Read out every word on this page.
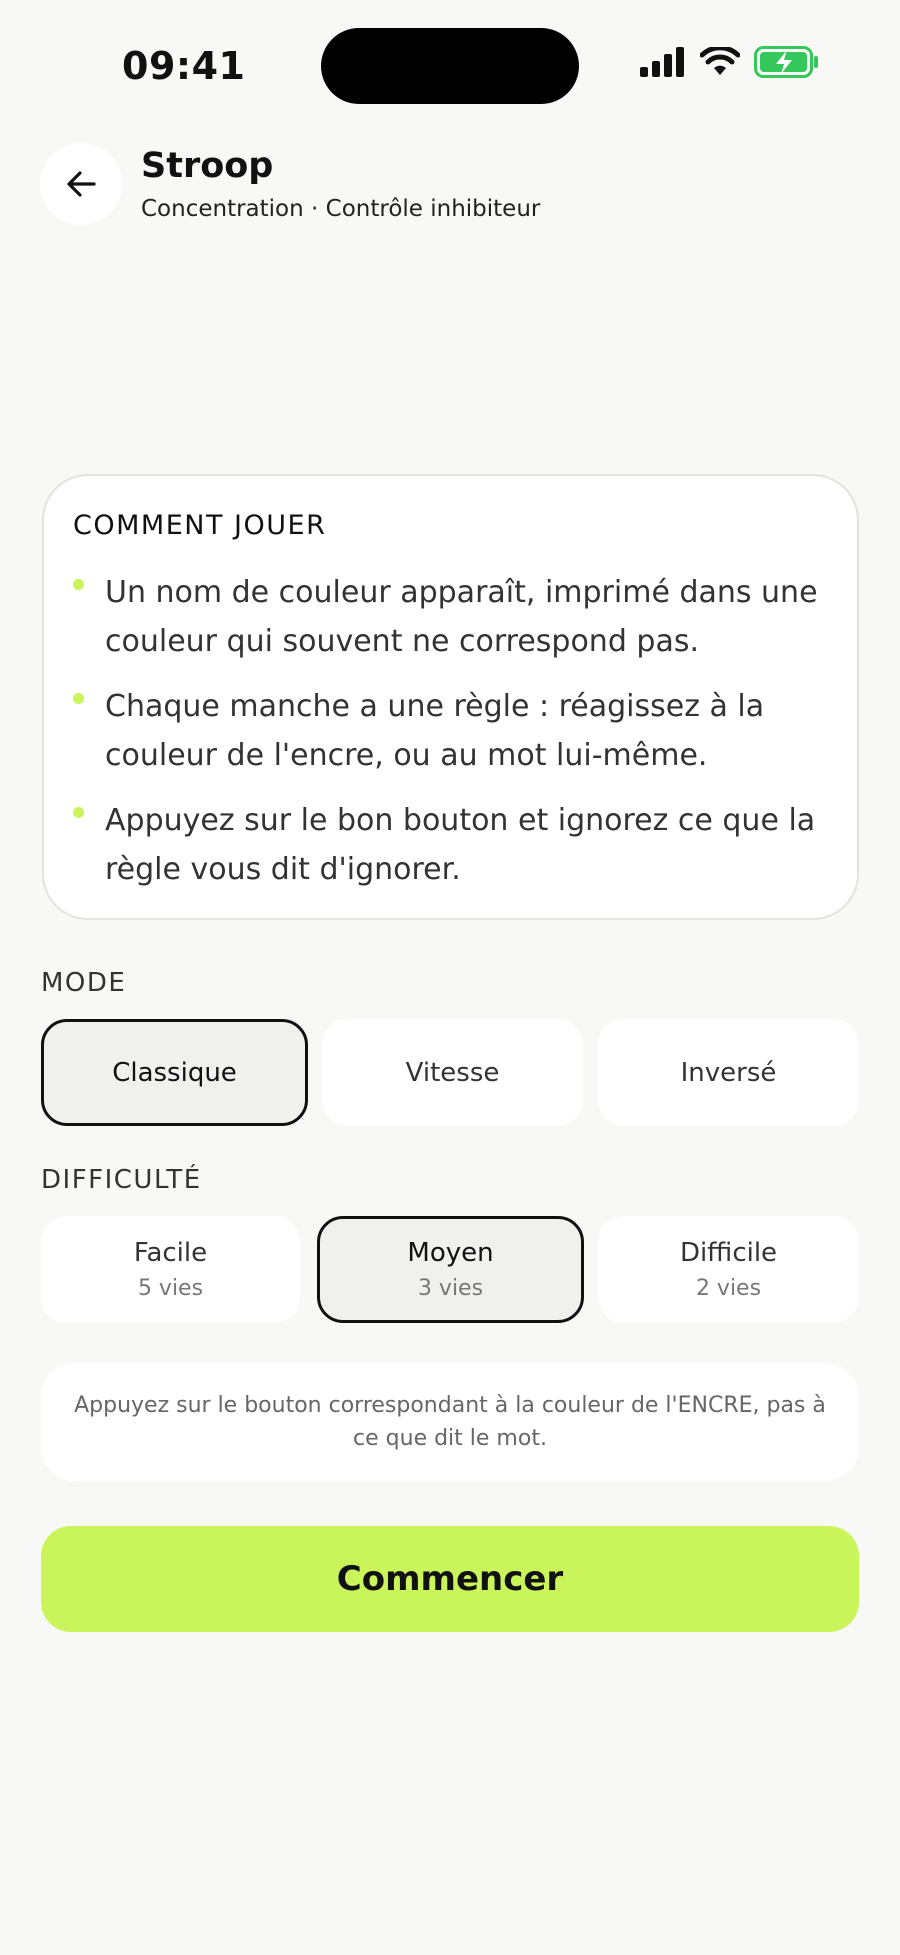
09:41
Stroop
Concentration · Contrôle inhibiteur
COMMENT JOUER
Un nom de couleur apparaît, imprimé dans une couleur qui souvent ne correspond pas.
Chaque manche a une règle : réagissez à la couleur de l'encre, ou au mot lui-même.
Appuyez sur le bon bouton et ignorez ce que la règle vous dit d'ignorer.
MODE
Classique	Vitesse	Inversé
DIFFICULTÉ
Facile
5 vies
Moyen
3 vies
Difficile
2 vies
Appuyez sur le bouton correspondant à la couleur de l'ENCRE, pas à ce que dit le mot.
Commencer
